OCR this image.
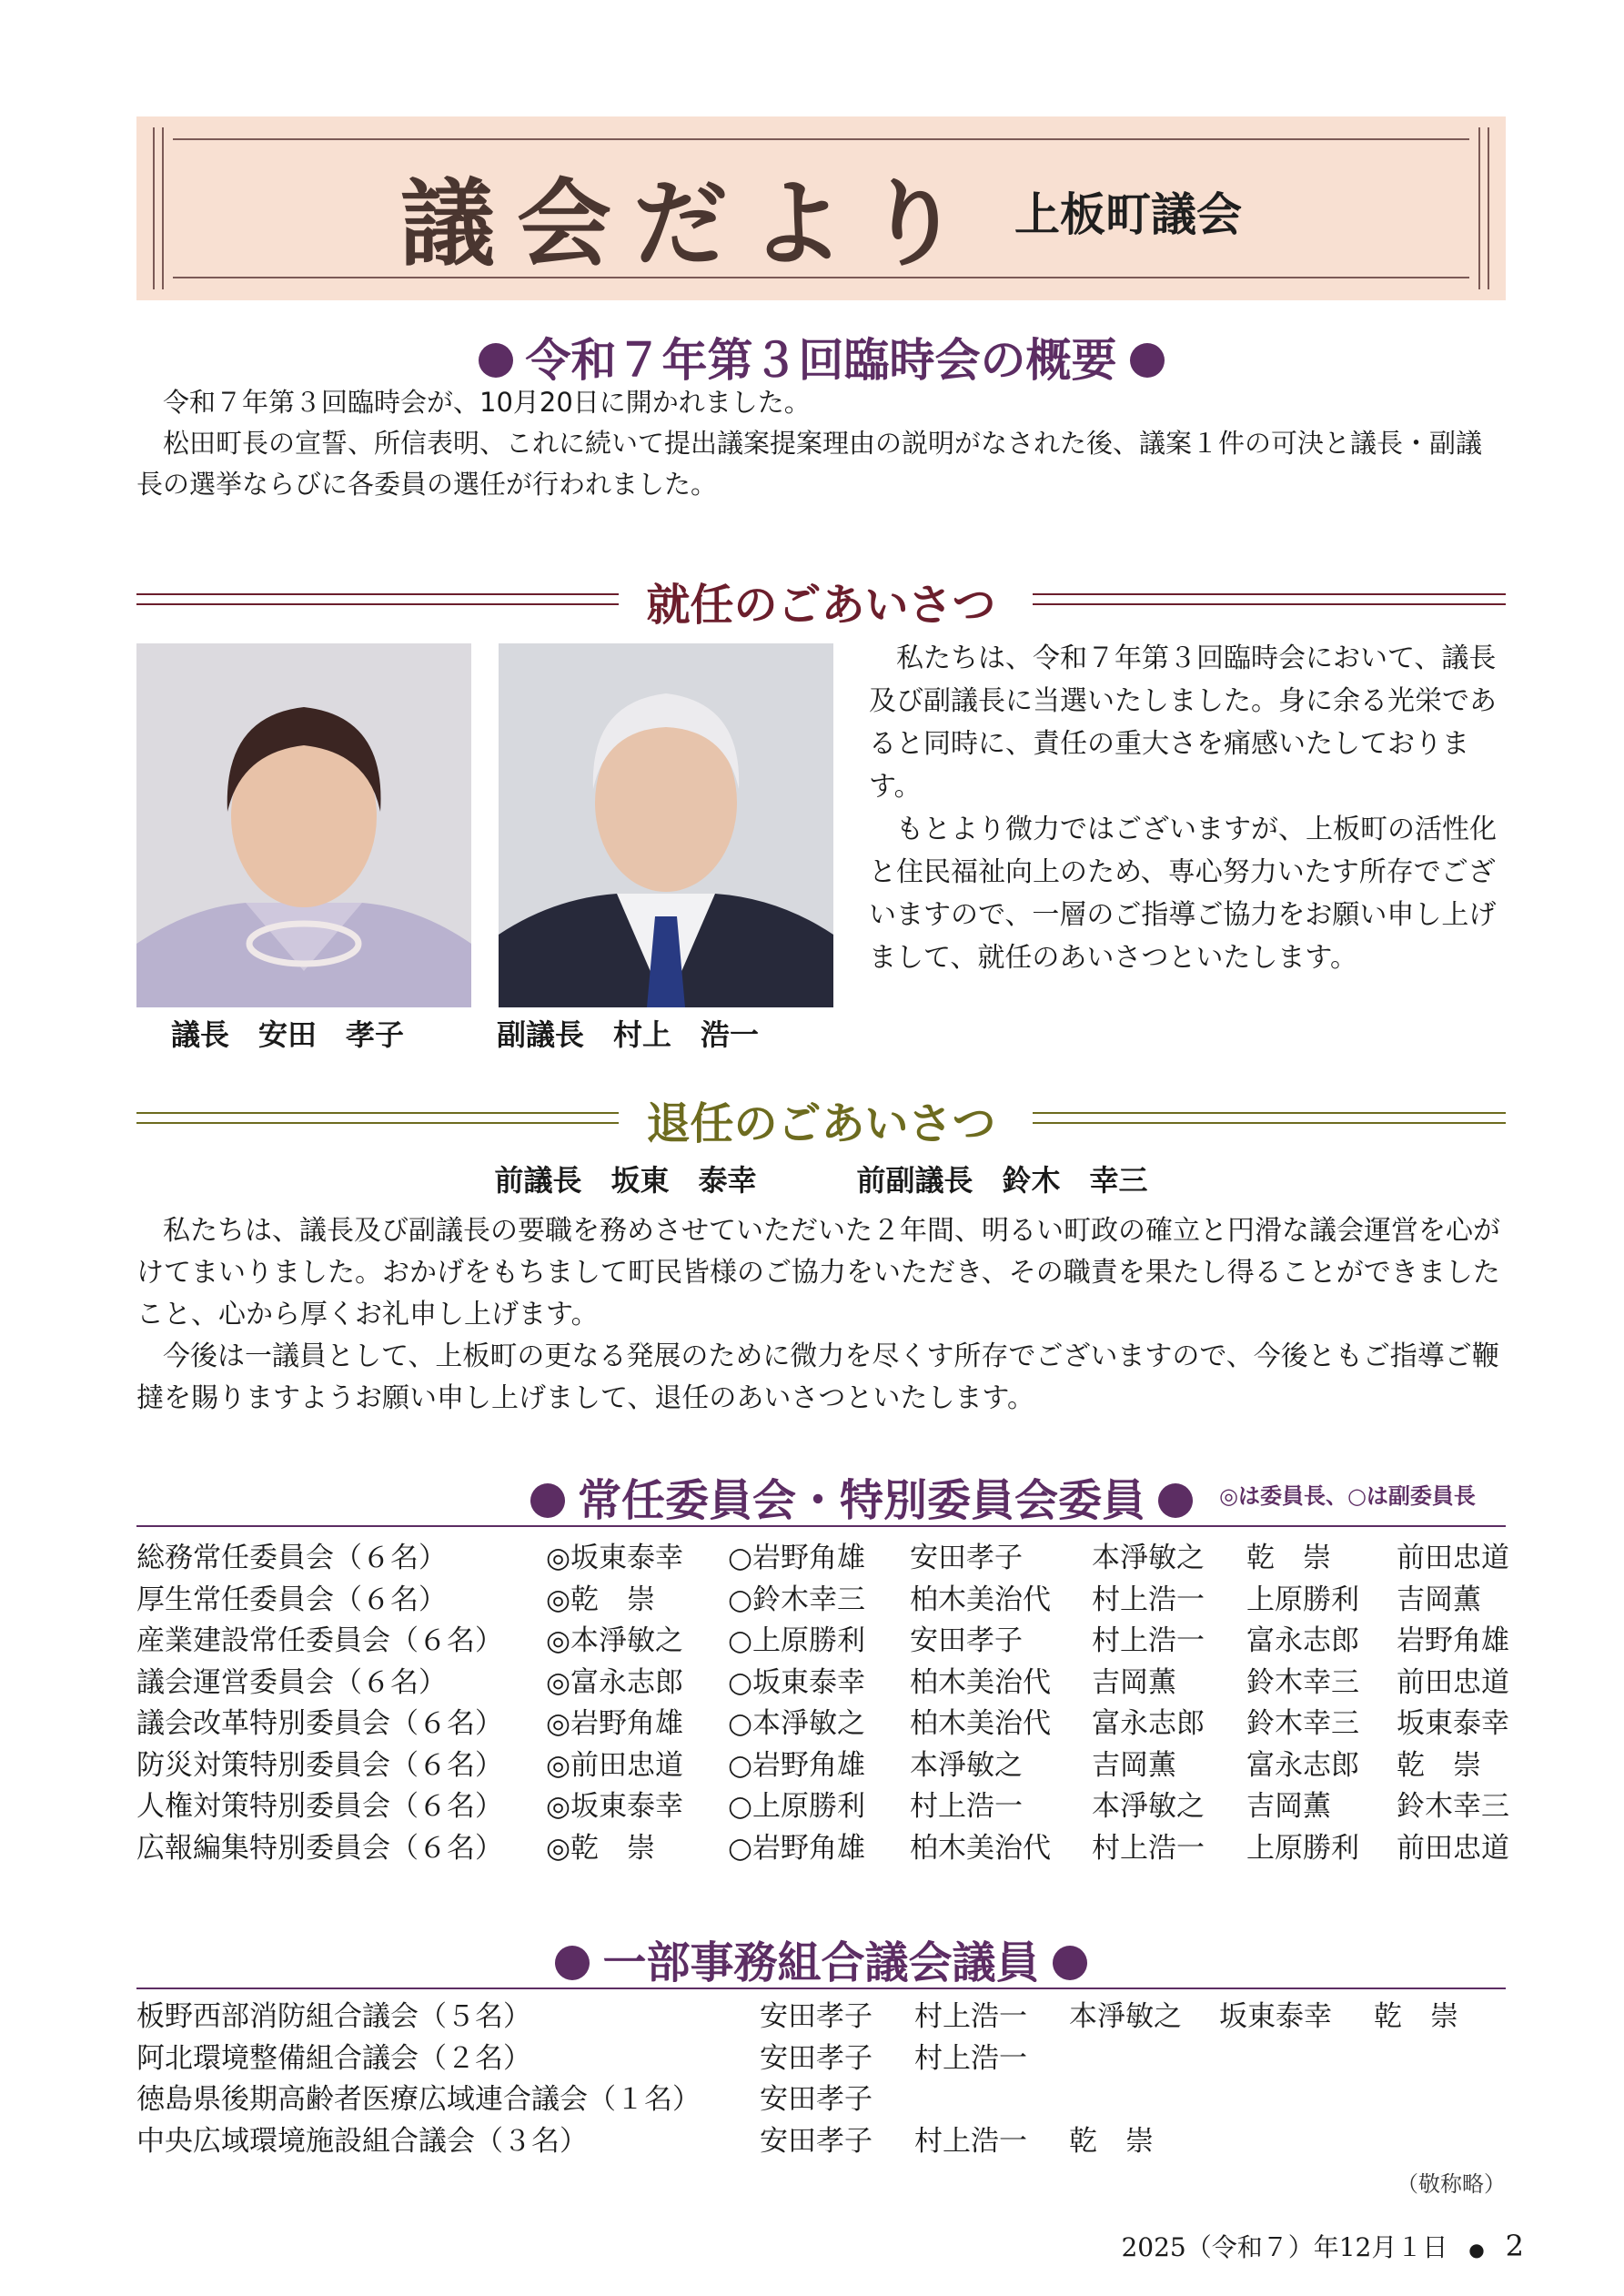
議会だより 上板町議会
令和７年第３回臨時会の概要

令和７年第３回臨時会が、10月20日に開かれました。

松田町長の宣誓、所信表明、これに続いて提出議案提案理由の説明がなされた後、議案１件の可決と議長・副議長の選挙ならびに各委員の選任が行われました。

就任のごあいさつ
議長　安田　孝子	副議長　村上　浩一

私たちは、令和７年第３回臨時会において、議長及び副議長に当選いたしました。身に余る光栄であると同時に、責任の重大さを痛感いたしております。

もとより微力ではございますが、上板町の活性化と住民福祉向上のため、専心努力いたす所存でございますので、一層のご指導ご協力をお願い申し上げまして、就任のあいさつといたします。

退任のごあいさつ
前議長　坂東　泰幸	前副議長　鈴木　幸三

私たちは、議長及び副議長の要職を務めさせていただいた２年間、明るい町政の確立と円滑な議会運営を心がけてまいりました。おかげをもちまして町民皆様のご協力をいただき、その職責を果たし得ることができましたこと、心から厚くお礼申し上げます。

今後は一議員として、上板町の更なる発展のために微力を尽くす所存でございますので、今後ともご指導ご鞭撻を賜りますようお願い申し上げまして、退任のあいさつといたします。

常任委員会・特別委員会委員	◎は委員長、○は副委員長
総務常任委員会（６名）	◎坂東泰幸	○岩野角雄	安田孝子	本淨敏之	乾　崇	前田忠道
厚生常任委員会（６名）	◎乾　崇	○鈴木幸三	柏木美治代	村上浩一	上原勝利	吉岡薫
産業建設常任委員会（６名）	◎本淨敏之	○上原勝利	安田孝子	村上浩一	富永志郎	岩野角雄
議会運営委員会（６名）	◎富永志郎	○坂東泰幸	柏木美治代	吉岡薫	鈴木幸三	前田忠道
議会改革特別委員会（６名）	◎岩野角雄	○本淨敏之	柏木美治代	富永志郎	鈴木幸三	坂東泰幸
防災対策特別委員会（６名）	◎前田忠道	○岩野角雄	本淨敏之	吉岡薫	富永志郎	乾　崇
人権対策特別委員会（６名）	◎坂東泰幸	○上原勝利	村上浩一	本淨敏之	吉岡薫	鈴木幸三
広報編集特別委員会（６名）	◎乾　崇	○岩野角雄	柏木美治代	村上浩一	上原勝利	前田忠道
一部事務組合議会議員
板野西部消防組合議会（５名）	安田孝子	村上浩一	本淨敏之	坂東泰幸	乾　崇
阿北環境整備組合議会（２名）	安田孝子	村上浩一			
徳島県後期高齢者医療広域連合議会（１名）	安田孝子				
中央広域環境施設組合議会（３名）	安田孝子	村上浩一	乾　崇		
（敬称略）
2025（令和７）年12月１日 ● 2
